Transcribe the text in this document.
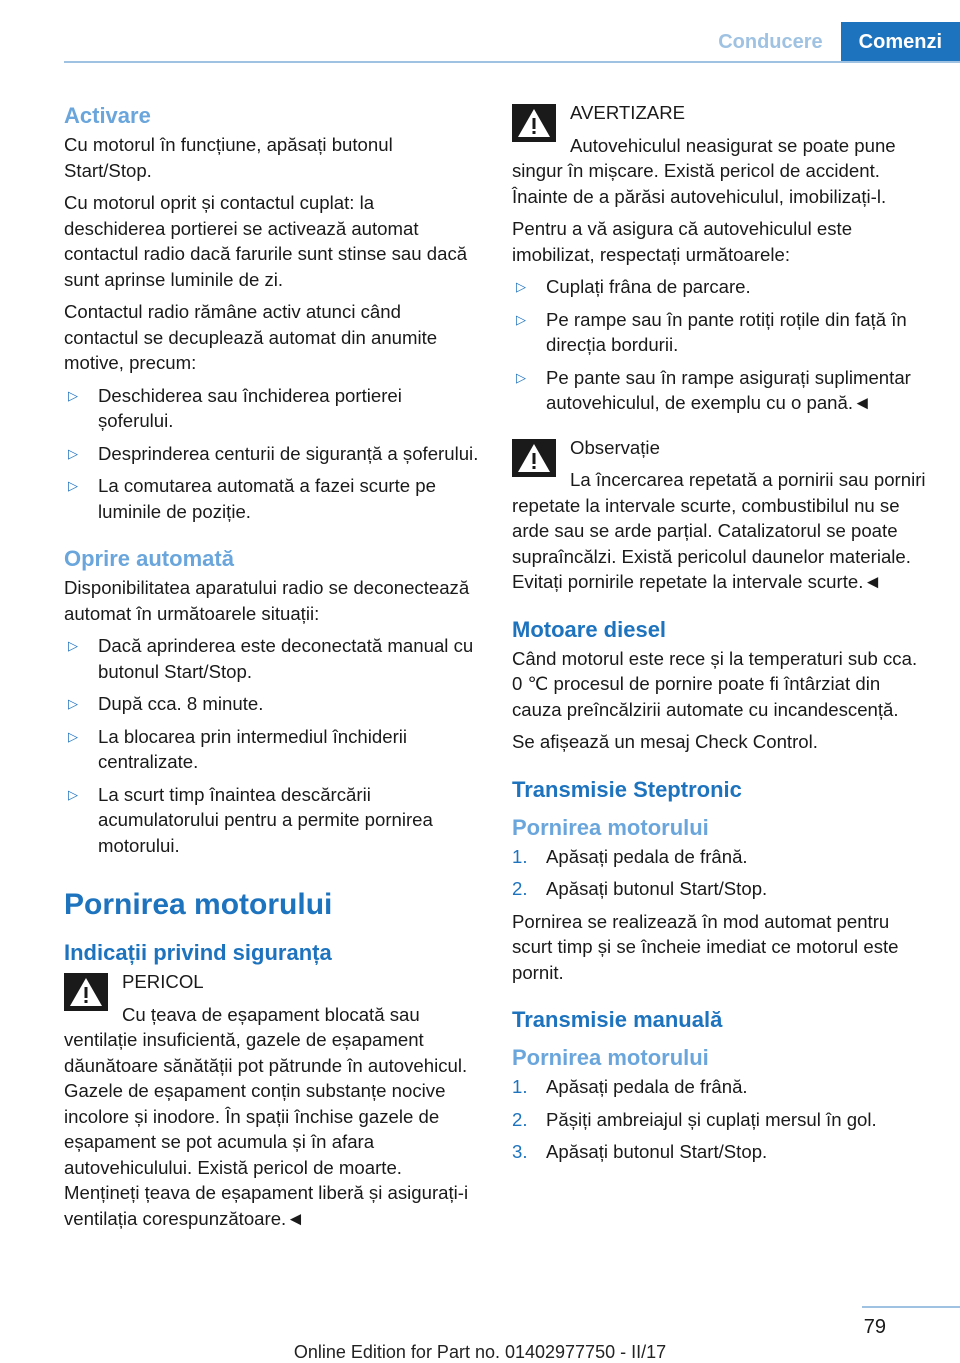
Conducere	Comenzi
Activare

Cu motorul în funcțiune, apăsați butonul Start/Stop.

Cu motorul oprit și contactul cuplat: la deschiderea portierei se activează automat contactul radio dacă farurile sunt stinse sau dacă sunt aprinse luminile de zi.

Contactul radio rămâne activ atunci când contactul se decuplează automat din anumite motive, precum:

▷ Deschiderea sau închiderea portierei șoferului.
▷ Desprinderea centurii de siguranță a șoferului.
▷ La comutarea automată a fazei scurte pe luminile de poziție.
Oprire automată

Disponibilitatea aparatului radio se deconectează automat în următoarele situații:

▷ Dacă aprinderea este deconectată manual cu butonul Start/Stop.
▷ După cca. 8 minute.
▷ La blocarea prin intermediul închiderii centralizate.
▷ La scurt timp înaintea descărcării acumulatorului pentru a permite pornirea motorului.
Pornirea motorului
Indicații privind siguranța

PERICOL

Cu țeava de eșapament blocată sau ventilație insuficientă, gazele de eșapament dăunătoare sănătății pot pătrunde în autovehicul. Gazele de eșapament conțin substanțe nocive incolore și inodore. În spații închise gazele de eșapament se pot acumula și în afara autovehiculului. Există pericol de moarte. Mențineți țeava de eșapament liberă și asigurați-i ventilația corespunzătoare.◄

AVERTIZARE

Autovehiculul neasigurat se poate pune singur în mișcare. Există pericol de accident. Înainte de a părăsi autovehiculul, imobilizați-l.

Pentru a vă asigura că autovehiculul este imobilizat, respectați următoarele:

▷ Cuplați frâna de parcare.
▷ Pe rampe sau în pante rotiți roțile din față în direcția bordurii.
▷ Pe pante sau în rampe asigurați suplimentar autovehiculul, de exemplu cu o pană.◄

Observație

La încercarea repetată a pornirii sau porniri repetate la intervale scurte, combustibilul nu se arde sau se arde parțial. Catalizatorul se poate supraîncălzi. Există pericolul daunelor materiale. Evitați pornirile repetate la intervale scurte.◄

Motoare diesel

Când motorul este rece și la temperaturi sub cca. 0 ℃ procesul de pornire poate fi întârziat din cauza preîncălzirii automate cu incandescență.

Se afișează un mesaj Check Control.

Transmisie Steptronic
Pornirea motorului
1. Apăsați pedala de frână.
2. Apăsați butonul Start/Stop.

Pornirea se realizează în mod automat pentru scurt timp și se încheie imediat ce motorul este pornit.

Transmisie manuală
Pornirea motorului
1. Apăsați pedala de frână.
2. Pășiți ambreiajul și cuplați mersul în gol.
3. Apăsați butonul Start/Stop.
79
Online Edition for Part no. 01402977750 - II/17
